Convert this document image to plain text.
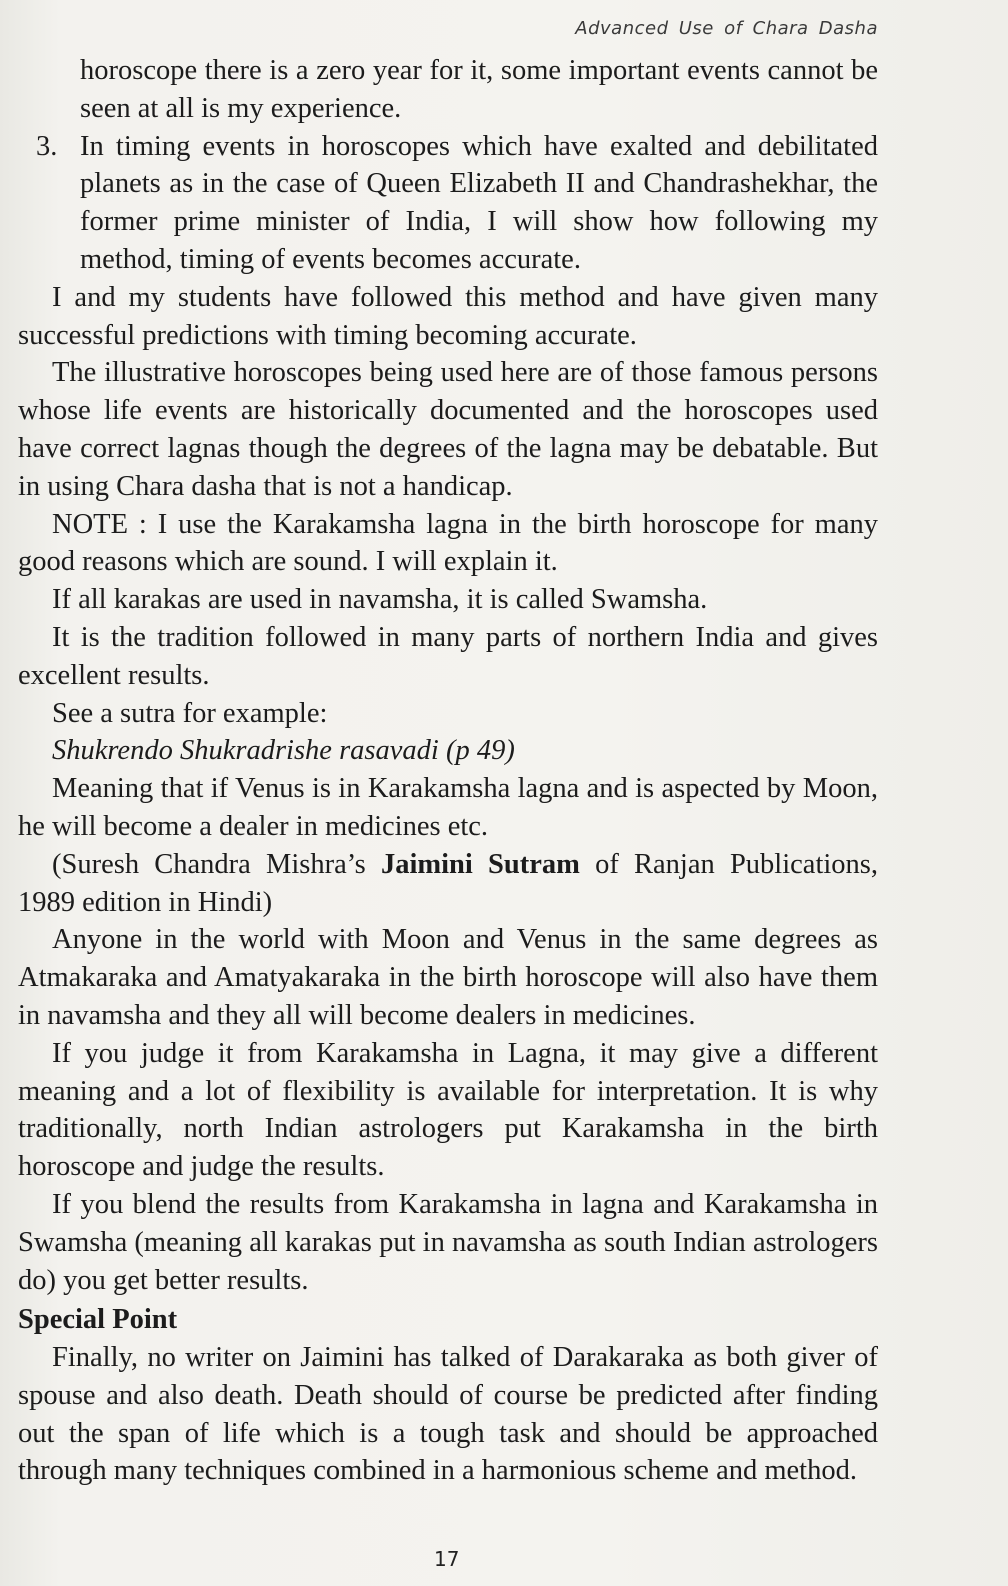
Advanced Use of Chara Dasha

horoscope there is a zero year for it, some important events cannot be seen at all is my experience.

3. In timing events in horoscopes which have exalted and debilitated planets as in the case of Queen Elizabeth II and Chandrashekhar, the former prime minister of India, I will show how following my method, timing of events becomes accurate.

I and my students have followed this method and have given many successful predictions with timing becoming accurate.

The illustrative horoscopes being used here are of those famous persons whose life events are historically documented and the horoscopes used have correct lagnas though the degrees of the lagna may be debatable. But in using Chara dasha that is not a handicap.

NOTE : I use the Karakamsha lagna in the birth horoscope for many good reasons which are sound. I will explain it.

If all karakas are used in navamsha, it is called Swamsha.

It is the tradition followed in many parts of northern India and gives excellent results.

See a sutra for example:

Shukrendo Shukradrishe rasavadi (p 49)

Meaning that if Venus is in Karakamsha lagna and is aspected by Moon, he will become a dealer in medicines etc.

(Suresh Chandra Mishra’s Jaimini Sutram of Ranjan Publications, 1989 edition in Hindi)

Anyone in the world with Moon and Venus in the same degrees as Atmakaraka and Amatyakaraka in the birth horoscope will also have them in navamsha and they all will become dealers in medicines.

If you judge it from Karakamsha in Lagna, it may give a different meaning and a lot of flexibility is available for interpretation. It is why traditionally, north Indian astrologers put Karakamsha in the birth horoscope and judge the results.

If you blend the results from Karakamsha in lagna and Karakamsha in Swamsha (meaning all karakas put in navamsha as south Indian astrologers do) you get better results.

Special Point

Finally, no writer on Jaimini has talked of Darakaraka as both giver of spouse and also death. Death should of course be predicted after finding out the span of life which is a tough task and should be approached through many techniques combined in a harmonious scheme and method.

17
